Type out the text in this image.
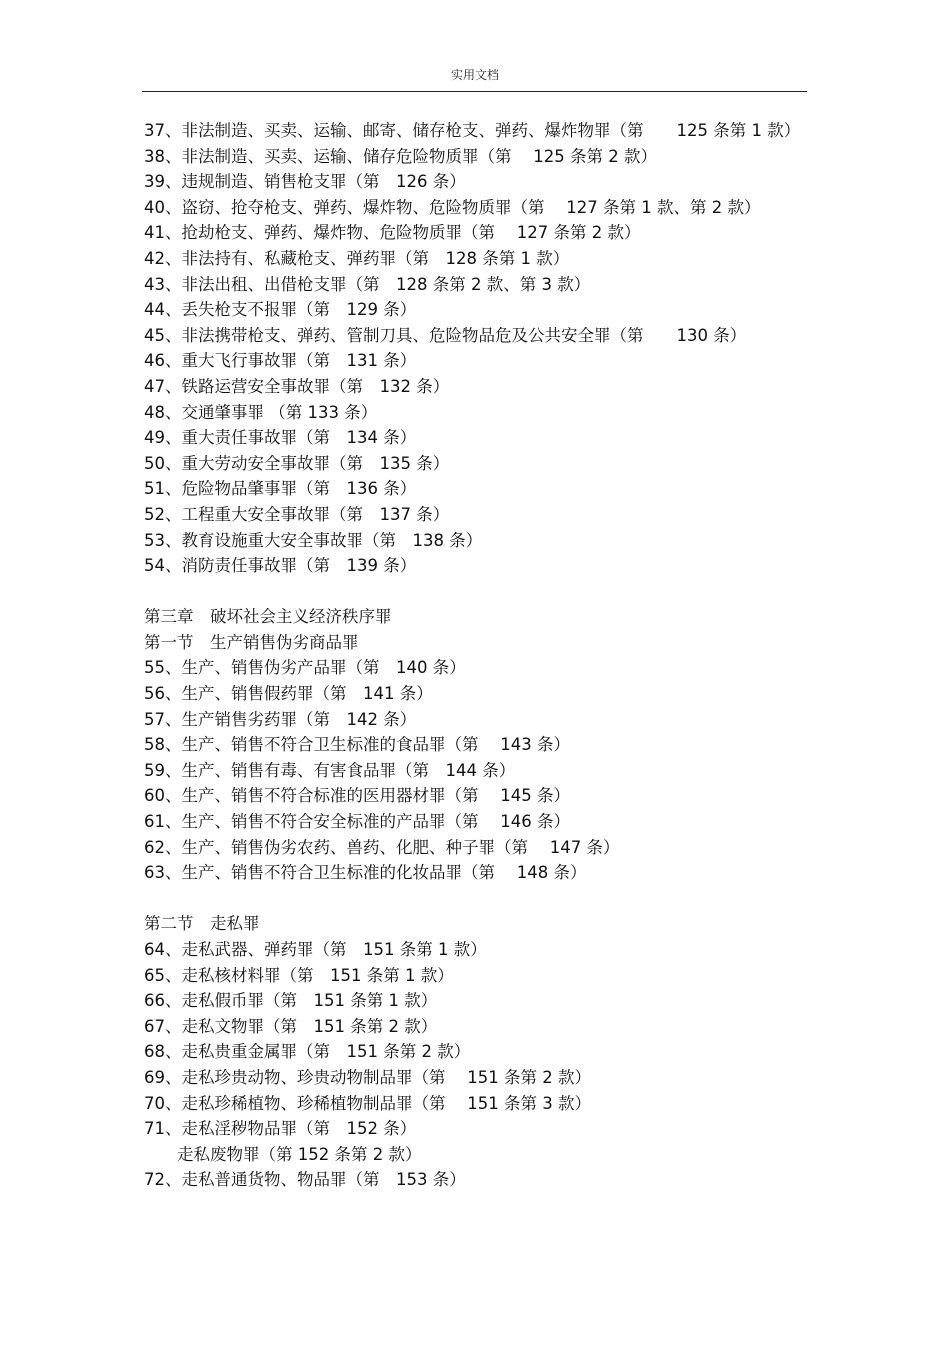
实用文档
37、非法制造、买卖、运输、邮寄、储存枪支、弹药、爆炸物罪（第　　125 条第 1 款）
38、非法制造、买卖、运输、储存危险物质罪（第　 125 条第 2 款）
39、违规制造、销售枪支罪（第　126 条）
40、盗窃、抢夺枪支、弹药、爆炸物、危险物质罪（第　 127 条第 1 款、第 2 款）
41、抢劫枪支、弹药、爆炸物、危险物质罪（第　 127 条第 2 款）
42、非法持有、私藏枪支、弹药罪（第　128 条第 1 款）
43、非法出租、出借枪支罪（第　128 条第 2 款、第 3 款）
44、丢失枪支不报罪（第　129 条）
45、非法携带枪支、弹药、管制刀具、危险物品危及公共安全罪（第　　130 条）
46、重大飞行事故罪（第　131 条）
47、铁路运营安全事故罪（第　132 条）
48、交通肇事罪 （第 133 条）
49、重大责任事故罪（第　134 条）
50、重大劳动安全事故罪（第　135 条）
51、危险物品肇事罪（第　136 条）
52、工程重大安全事故罪（第　137 条）
53、教育设施重大安全事故罪（第　138 条）
54、消防责任事故罪（第　139 条）
第三章　破坏社会主义经济秩序罪
第一节　生产销售伪劣商品罪
55、生产、销售伪劣产品罪（第　140 条）
56、生产、销售假药罪（第　141 条）
57、生产销售劣药罪（第　142 条）
58、生产、销售不符合卫生标准的食品罪（第　 143 条）
59、生产、销售有毒、有害食品罪（第　144 条）
60、生产、销售不符合标准的医用器材罪（第　 145 条）
61、生产、销售不符合安全标准的产品罪（第　 146 条）
62、生产、销售伪劣农药、兽药、化肥、种子罪（第　 147 条）
63、生产、销售不符合卫生标准的化妆品罪（第　 148 条）
第二节　走私罪
64、走私武器、弹药罪（第　151 条第 1 款）
65、走私核材料罪（第　151 条第 1 款）
66、走私假币罪（第　151 条第 1 款）
67、走私文物罪（第　151 条第 2 款）
68、走私贵重金属罪（第　151 条第 2 款）
69、走私珍贵动物、珍贵动物制品罪（第　 151 条第 2 款）
70、走私珍稀植物、珍稀植物制品罪（第　 151 条第 3 款）
71、走私淫秽物品罪（第　152 条）
　　走私废物罪（第 152 条第 2 款）
72、走私普通货物、物品罪（第　153 条）
